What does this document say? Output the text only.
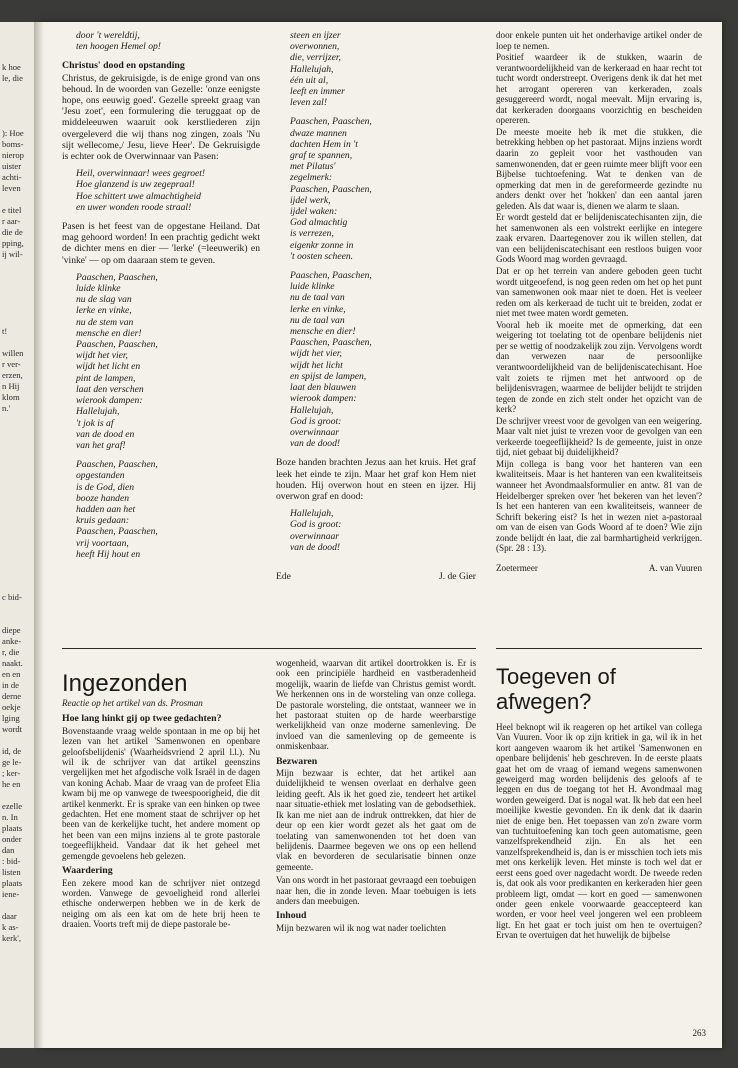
k hoe
le, die
): Hoe
boms-
nierop
uister
achti-
leven
e titel
r aar-
die de
pping,
ij wil-
t!
willen
r ver-
erzen,
n Hij
klom
n.'
c bid-
diepe
anke-
r, die
naakt.
en en
in de
derne
oekje
lging
wordt
id, de
ge le-
; ker-
he en
ezelle
n. In
plaats
onder
dan
: bid-
listen
plaats
iene-
daar
k as-
kerk',
door 't wereldtij,
ten hoogen Hemel op!
Christus' dood en opstanding

Christus, de gekruisigde, is de enige grond van ons behoud. In de woorden van Gezelle: 'onze eenigste hope, ons eeuwig goed'. Gezelle spreekt graag van 'Jesu zoet', een formulering die teruggaat op de middeleeuwen waaruit ook kerstliederen zijn overgeleverd die wij thans nog zingen, zoals 'Nu sijt wellecome,/ Jesu, lieve Heer'. De Gekruisigde is echter ook de Overwinnaar van Pasen:

Heil, overwinnaar! wees gegroet!
Hoe glanzend is uw zegepraal!
Hoe schittert uwe almachtigheid
en uwer wonden roode straal!

Pasen is het feest van de opgestane Heiland. Dat mag gehoord worden! In een prachtig gedicht wekt de dichter mens en dier — 'lerke' (=leeuwerik) en 'vinke' — op om daaraan stem te geven.

Paaschen, Paaschen,
luide klinke
nu de slag van
lerke en vinke,
nu de stem van
mensche en dier!
Paaschen, Paaschen,
wijdt het vier,
wijdt het licht en
pint de lampen,
laat den verschen
wierook dampen:
Hallelujah,
't jok is af
van de dood en
van het graf!
Paaschen, Paaschen,
opgestanden
is de God, dien
booze handen
hadden aan het
kruis gedaan:
Paaschen, Paaschen,
vrij voortaan,
heeft Hij hout en
steen en ijzer
overwonnen,
die, verrijzer,
Hallelujah,
één uit al,
leeft en immer
leven zal!
Paaschen, Paaschen,
dwaze mannen
dachten Hem in 't
graf te spannen,
met Pilatus'
zegelmerk:
Paaschen, Paaschen,
ijdel werk,
ijdel waken:
God almachtig
is verrezen,
eigenkr zonne in
't oosten scheen.
Paaschen, Paaschen,
luide klinke
nu de taal van
lerke en vinke,
nu de taal van
mensche en dier!
Paaschen, Paaschen,
wijdt het vier,
wijdt het licht
en spijst de lampen,
laat den blauwen
wierook dampen:
Hallelujah,
God is groot:
overwinnaar
van de dood!

Boze handen brachten Jezus aan het kruis. Het graf leek het einde te zijn. Maar het graf kon Hem niet houden. Hij overwon hout en steen en ijzer. Hij overwon graf en dood:

Hallelujah,
God is groot:
overwinnaar
van de dood!
Ede	J. de Gier

door enkele punten uit het onderhavige artikel onder de loep te nemen.

Positief waardeer ik de stukken, waarin de verantwoordelijkheid van de kerkeraad en haar recht tot tucht wordt onderstreept. Overigens denk ik dat het met het arrogant opereren van kerkeraden, zoals gesuggereerd wordt, nogal meevalt. Mijn ervaring is, dat kerkeraden doorgaans voorzichtig en bescheiden opereren.

De meeste moeite heb ik met die stukken, die betrekking hebben op het pastoraat. Mijns inziens wordt daarin zo gepleit voor het vasthouden van samenwonenden, dat er geen ruimte meer blijft voor een Bijbelse tuchtoefening. Wat te denken van de opmerking dat men in de gereformeerde gezindte nu anders denkt over het 'hokken' dan een aantal jaren geleden. Als dat waar is, dienen we alarm te slaan.

Er wordt gesteld dat er belijdeniscatechisanten zijn, die het samenwonen als een volstrekt eerlijke en integere zaak ervaren. Daartegenover zou ik willen stellen, dat van een belijdeniscatechisant een restloos buigen voor Gods Woord mag worden gevraagd.

Dat er op het terrein van andere geboden geen tucht wordt uitgeoefend, is nog geen reden om het op het punt van samenwonen ook maar niet te doen. Het is veeleer reden om als kerkeraad de tucht uit te breiden, zodat er niet met twee maten wordt gemeten.

Vooral heb ik moeite met de opmerking, dat een weigering tot toelating tot de openbare belijdenis niet per se wettig of noodzakelijk zou zijn. Vervolgens wordt dan verwezen naar de persoonlijke verantwoordelijkheid van de belijdeniscatechisant. Hoe valt zoiets te rijmen met het antwoord op de belijdenisvragen, waarmee de belijder belijdt te strijden tegen de zonde en zich stelt onder het opzicht van de kerk?

De schrijver vreest voor de gevolgen van een weigering. Maar valt niet juist te vrezen voor de gevolgen van een verkeerde toegeeflijkheid? Is de gemeente, juist in onze tijd, niet gebaat bij duidelijkheid?

Mijn collega is bang voor het hanteren van een kwaliteitseis. Maar is het hanteren van een kwaliteitseis wanneer het Avondmaalsformulier en antw. 81 van de Heidelberger spreken over 'het bekeren van het leven'? Is het een hanteren van een kwaliteitseis, wanneer de Schrift bekering eist? Is het in wezen niet a-pastoraal om van de eisen van Gods Woord af te doen? Wie zijn zonde belijdt én laat, die zal barmhartigheid verkrijgen. (Spr. 28 : 13).

Zoetermeer	A. van Vuuren
Ingezonden
Reactie op het artikel van ds. Prosman
Hoe lang hinkt gij op twee gedachten?

Bovenstaande vraag welde spontaan in me op bij het lezen van het artikel 'Samenwonen en openbare geloofsbelijdenis' (Waarheidsvriend 2 april l.l.). Nu wil ik de schrijver van dat artikel geenszins vergelijken met het afgodische volk Israël in de dagen van koning Achab. Maar de vraag van de profeet Elia kwam bij me op vanwege de tweespoorigheid, die dit artikel kenmerkt. Er is sprake van een hinken op twee gedachten. Het ene moment staat de schrijver op het been van de kerkelijke tucht, het andere moment op het been van een mijns inziens al te grote pastorale toegeeflijkheid. Vandaar dat ik het geheel met gemengde gevoelens heb gelezen.

Waardering

Een zekere mood kan de schrijver niet ontzegd worden. Vanwege de gevoeligheid rond allerlei ethische onderwerpen hebben we in de kerk de neiging om als een kat om de hete brij heen te draaien. Voorts treft mij de diepe pastorale be-

wogenheid, waarvan dit artikel doortrokken is. Er is ook een principiële hardheid en vastberadenheid mogelijk, waarin de liefde van Christus gemist wordt. We herkennen ons in de worsteling van onze collega. De pastorale worsteling, die ontstaat, wanneer we in het pastoraat stuiten op de harde weerbarstige werkelijkheid van onze moderne samenleving. De invloed van die samenleving op de gemeente is onmiskenbaar.

Bezwaren

Mijn bezwaar is echter, dat het artikel aan duidelijkheid te wensen overlaat en derhalve geen leiding geeft. Als ik het goed zie, tendeert het artikel naar situatie-ethiek met loslating van de gebodsethiek. Ik kan me niet aan de indruk onttrekken, dat hier de deur op een kier wordt gezet als het gaat om de toelating van samenwonenden tot het doen van belijdenis. Daarmee begeven we ons op een hellend vlak en bevorderen de secularisatie binnen onze gemeente.

Van ons wordt in het pastoraat gevraagd een toebuigen naar hen, die in zonde leven. Maar toebuigen is iets anders dan meebuigen.

Inhoud

Mijn bezwaren wil ik nog wat nader toelichten

Toegeven of
afwegen?

Heel beknopt wil ik reageren op het artikel van collega Van Vuuren. Voor ik op zijn kritiek in ga, wil ik in het kort aangeven waarom ik het artikel 'Samenwonen en openbare belijdenis' heb geschreven. In de eerste plaats gaat het om de vraag of iemand wegens samenwonen geweigerd mag worden belijdenis des geloofs af te leggen en dus de toegang tot het H. Avondmaal mag worden geweigerd. Dat is nogal wat. Ik heb dat een heel moeilijke kwestie gevonden. En ik denk dat ik daarin niet de enige ben. Het toepassen van zo'n zware vorm van tuchtuitoefening kan toch geen automatisme, geen vanzelfsprekendheid zijn. En als het een vanzelfsprekendheid is, dan is er misschien toch iets mis met ons kerkelijk leven. Het minste is toch wel dat er eerst eens goed over nagedacht wordt. De tweede reden is, dat ook als voor predikanten en kerkeraden hier geen probleem ligt, omdat — kort en goed — samenwonen onder geen enkele voorwaarde geaccepteerd kan worden, er voor heel veel jongeren wel een probleem ligt. En het gaat er toch juist om hen te overtuigen? Ervan te overtuigen dat het huwelijk de bijbelse

263
